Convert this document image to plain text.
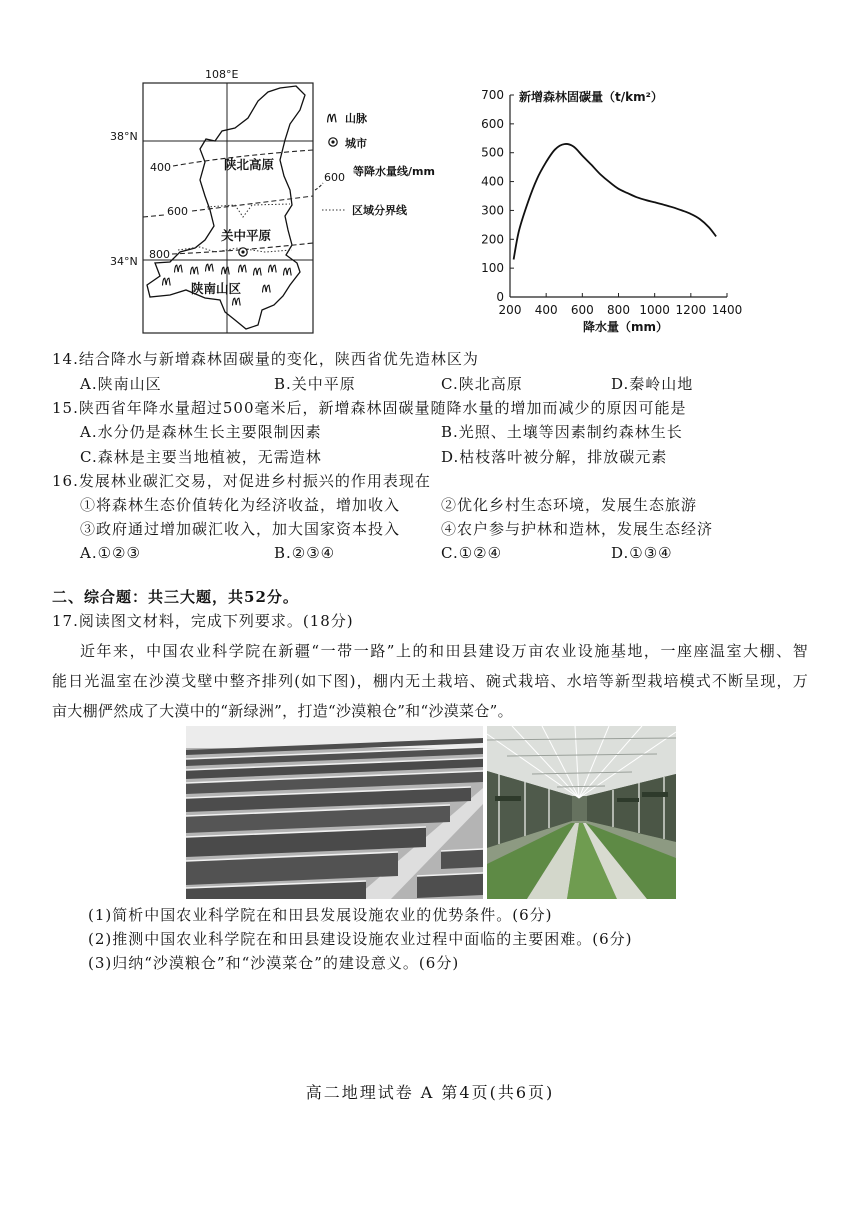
108°E
38°N
34°N
400
600
800
陕北高原
关中平原
陕南山区
山脉
城市
600 等降水量线/mm
区域分界线
0
100
200
300
400
500
600
700
200 400 600 800 1000 1200 1400
新增森林固碳量（t/km²）
降水量（mm）
14.结合降水与新增森林固碳量的变化，陕西省优先造林区为
A.陕南山区	B.关中平原	C.陕北高原	D.秦岭山地
15.陕西省年降水量超过500毫米后，新增森林固碳量随降水量的增加而减少的原因可能是
A.水分仍是森林生长主要限制因素	B.光照、土壤等因素制约森林生长
C.森林是主要当地植被，无需造林	D.枯枝落叶被分解，排放碳元素
16.发展林业碳汇交易，对促进乡村振兴的作用表现在
①将森林生态价值转化为经济收益，增加收入	②优化乡村生态环境，发展生态旅游
③政府通过增加碳汇收入，加大国家资本投入	④农户参与护林和造林，发展生态经济
A.①②③	B.②③④	C.①②④	D.①③④
二、综合题：共三大题，共52分。
17.阅读图文材料，完成下列要求。(18分)
近年来，中国农业科学院在新疆“一带一路”上的和田县建设万亩农业设施基地，一座座温室大棚、智
能日光温室在沙漠戈壁中整齐排列(如下图)，棚内无土栽培、碗式栽培、水培等新型栽培模式不断呈现，万
亩大棚俨然成了大漠中的“新绿洲”，打造“沙漠粮仓”和“沙漠菜仓”。
(1)简析中国农业科学院在和田县发展设施农业的优势条件。(6分)
(2)推测中国农业科学院在和田县建设设施农业过程中面临的主要困难。(6分)
(3)归纳“沙漠粮仓”和“沙漠菜仓”的建设意义。(6分)
高二地理试卷 A 第4页(共6页)
